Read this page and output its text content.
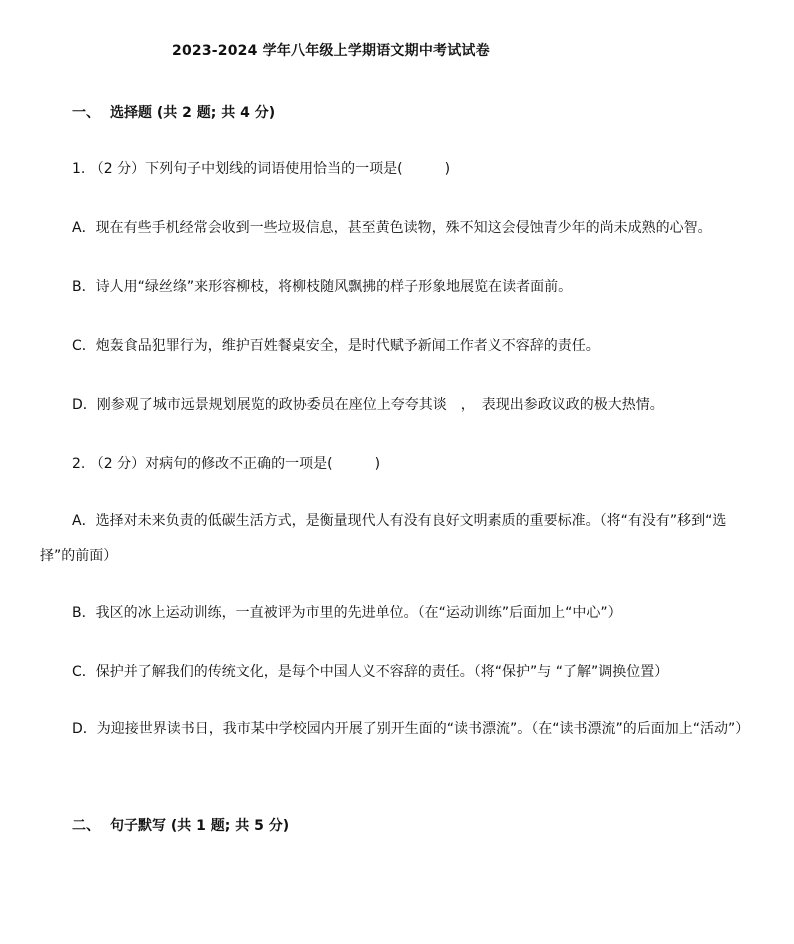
2023-2024 学年八年级上学期语文期中考试试卷
一、 选择题 (共 2 题; 共 4 分)
1. （2 分）下列句子中划线的词语使用恰当的一项是(　　　)
A．现在有些手机经常会收到一些垃圾信息，甚至黄色读物，殊不知这会侵蚀青少年的尚未成熟的心智。
B．诗人用“绿丝绦”来形容柳枝，将柳枝随风飘拂的样子形象地展览在读者面前。
C．炮轰食品犯罪行为，维护百姓餐桌安全，是时代赋予新闻工作者义不容辞的责任。
D．刚参观了城市远景规划展览的政协委员在座位上夸夸其谈　，　表现出参政议政的极大热情。
2. （2 分）对病句的修改不正确的一项是(　　　)
A．选择对未来负责的低碳生活方式，是衡量现代人有没有良好文明素质的重要标准。（将“有没有”移到“选择”的前面）
B．我区的冰上运动训练，一直被评为市里的先进单位。（在“运动训练”后面加上“中心”）
C．保护并了解我们的传统文化，是每个中国人义不容辞的责任。（将“保护”与 “了解”调换位置）
D．为迎接世界读书日，我市某中学校园内开展了别开生面的“读书漂流”。（在“读书漂流”的后面加上“活动”）
二、 句子默写 (共 1 题; 共 5 分)
